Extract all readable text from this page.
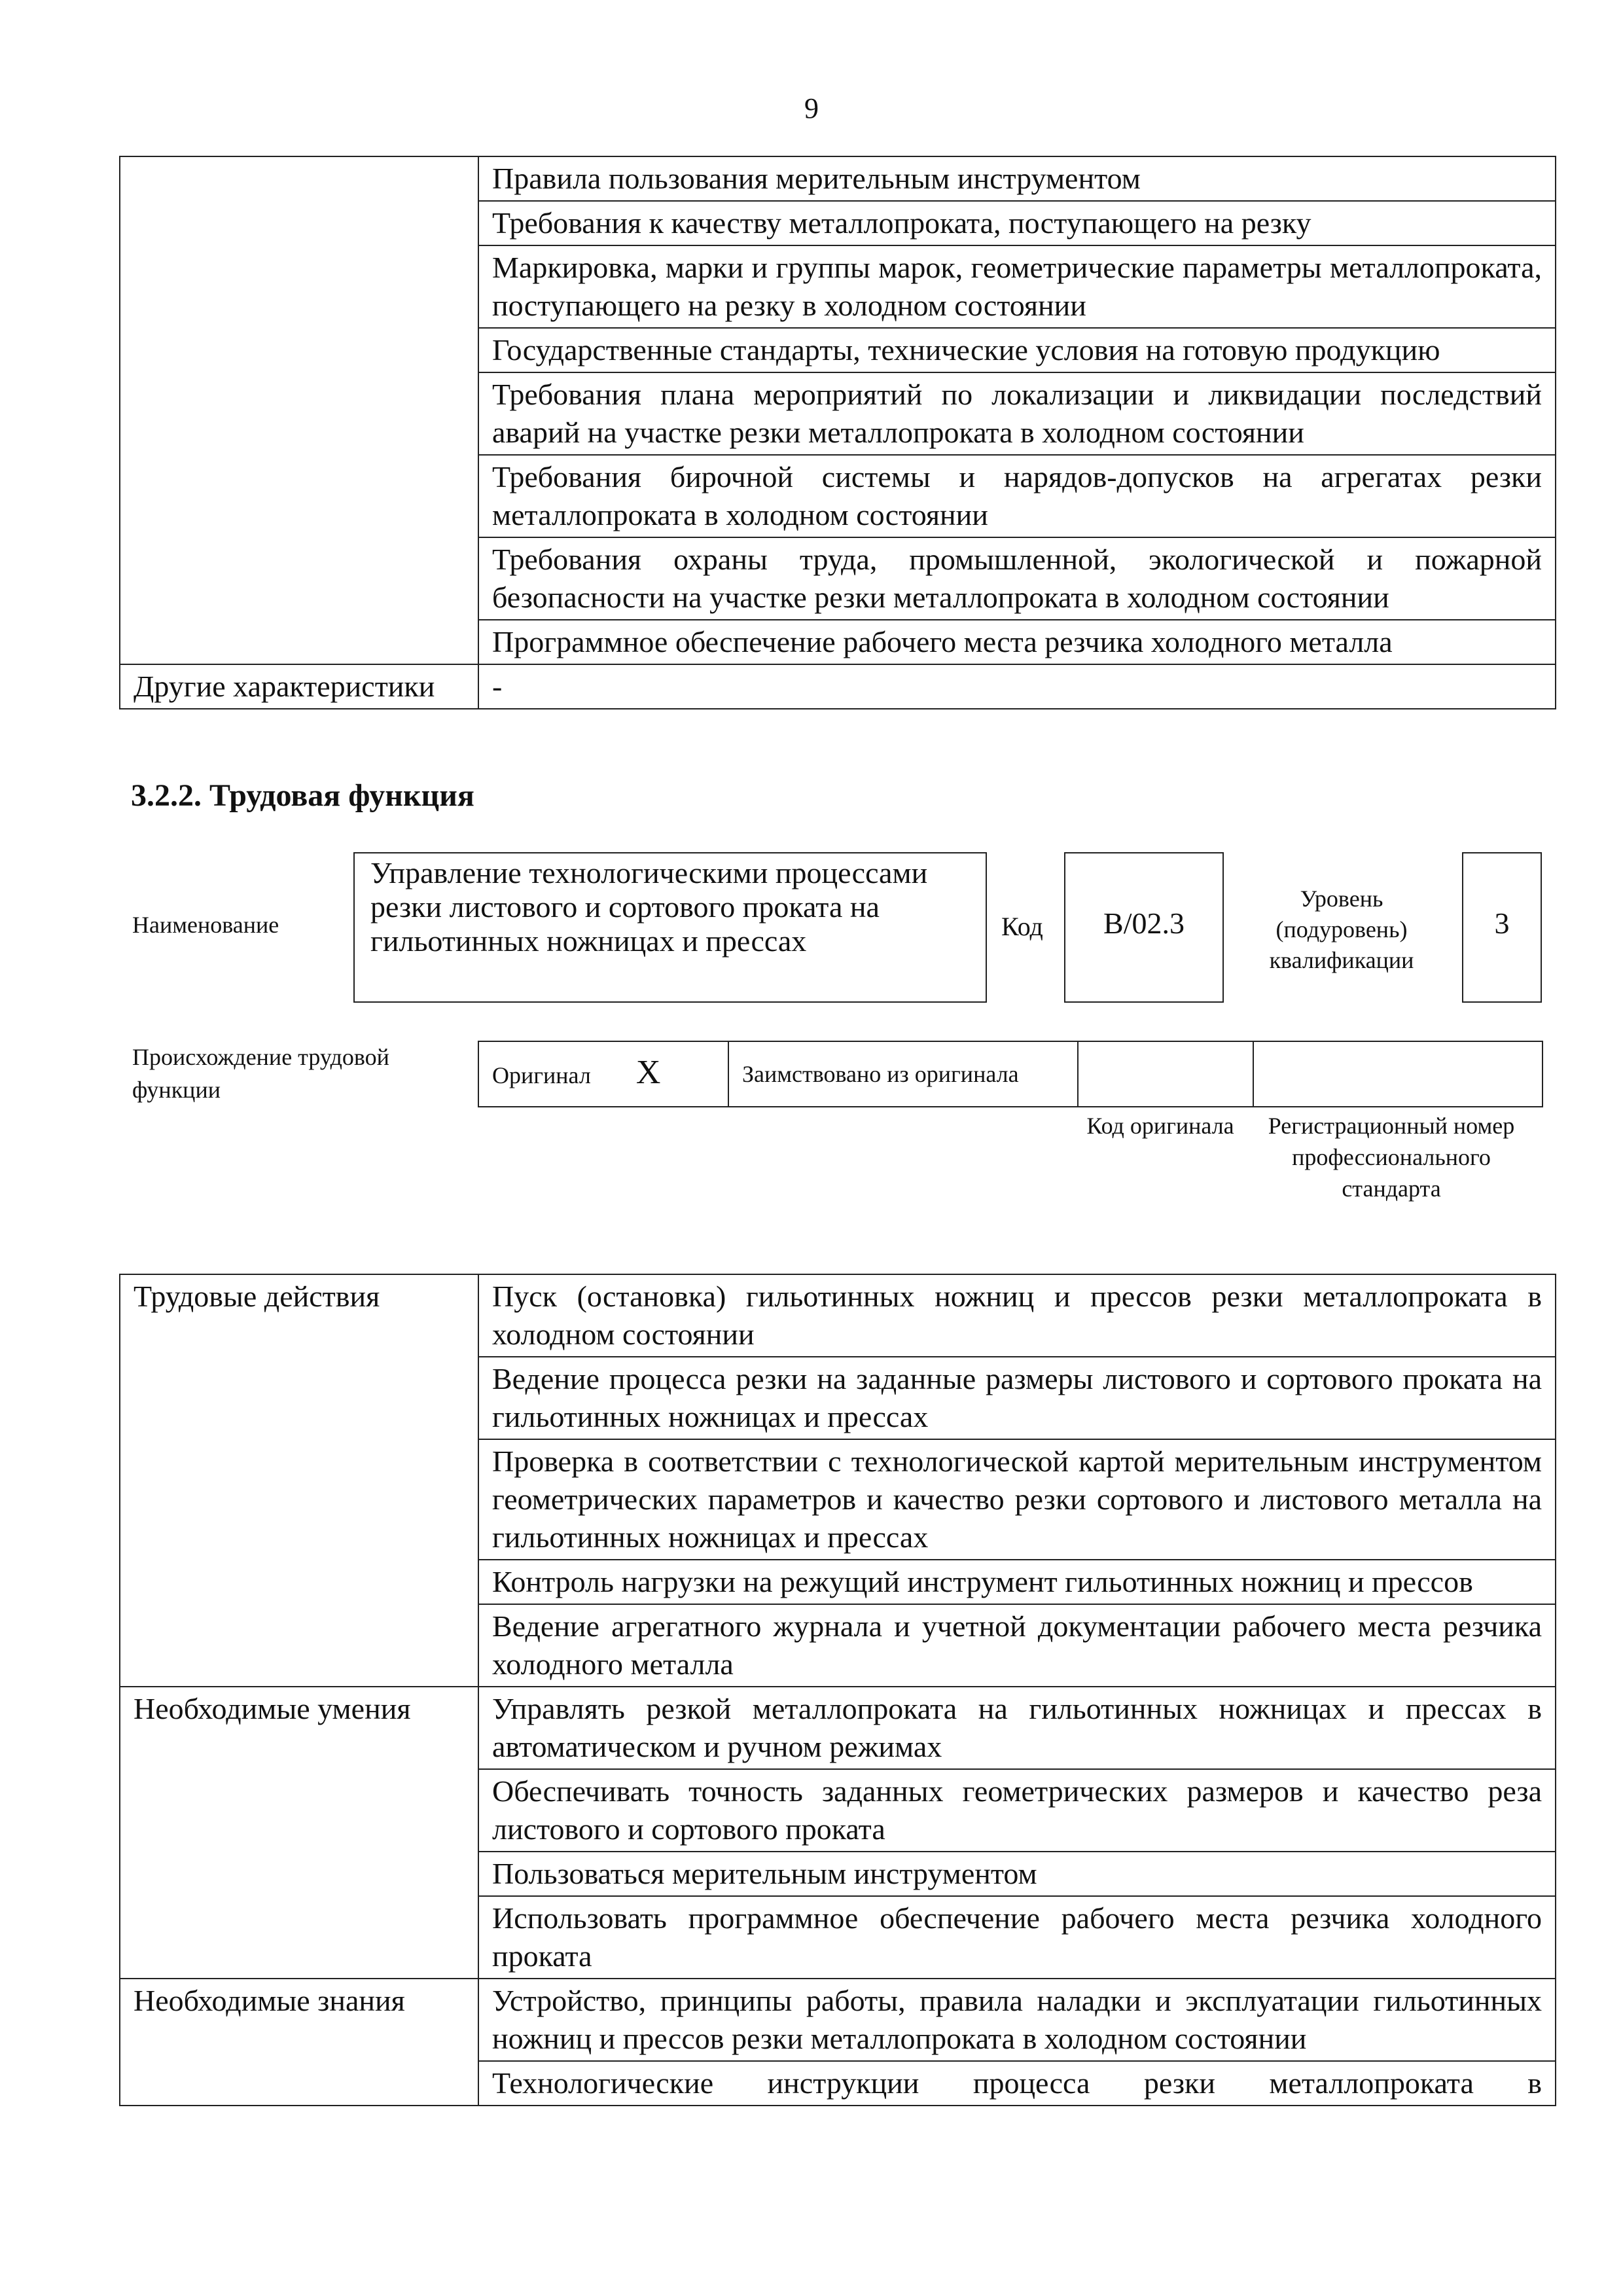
9
	Правила пользования мерительным инструментом
	Требования к качеству металлопроката, поступающего на резку
	Маркировка, марки и группы марок, геометрические параметры металлопроката, поступающего на резку в холодном состоянии
	Государственные стандарты, технические условия на готовую продукцию
	Требования плана мероприятий по локализации и ликвидации последствий аварий на участке резки металлопроката в холодном состоянии
	Требования бирочной системы и нарядов-допусков на агрегатах резки металлопроката в холодном состоянии
	Требования охраны труда, промышленной, экологической и пожарной безопасности на участке резки металлопроката в холодном состоянии
	Программное обеспечение рабочего места резчика холодного металла
Другие характеристики	-
3.2.2. Трудовая функция
Наименование
Управление технологическими процессами резки листового и сортового проката на гильотинных ножницах и прессах	Код	B/02.3
Уровень (подуровень) квалификации
3
Происхождение трудовой функции
Оригинал X	Заимствовано из оригинала		
Код оригинала	Регистрационный номер профессионального стандарта
Трудовые действия	Пуск (остановка) гильотинных ножниц и прессов резки металлопроката в холодном состоянии
	Ведение процесса резки на заданные размеры листового и сортового проката на гильотинных ножницах и прессах
	Проверка в соответствии с технологической картой мерительным инструментом геометрических параметров и качество резки сортового и листового металла на гильотинных ножницах и прессах
	Контроль нагрузки на режущий инструмент гильотинных ножниц и прессов
	Ведение агрегатного журнала и учетной документации рабочего места резчика холодного металла
Необходимые умения	Управлять резкой металлопроката на гильотинных ножницах и прессах в автоматическом и ручном режимах
	Обеспечивать точность заданных геометрических размеров и качество реза листового и сортового проката
	Пользоваться мерительным инструментом
	Использовать программное обеспечение рабочего места резчика холодного проката
Необходимые знания	Устройство, принципы работы, правила наладки и эксплуатации гильотинных ножниц и прессов резки металлопроката в холодном состоянии
	Технологические инструкции процесса резки металлопроката в
